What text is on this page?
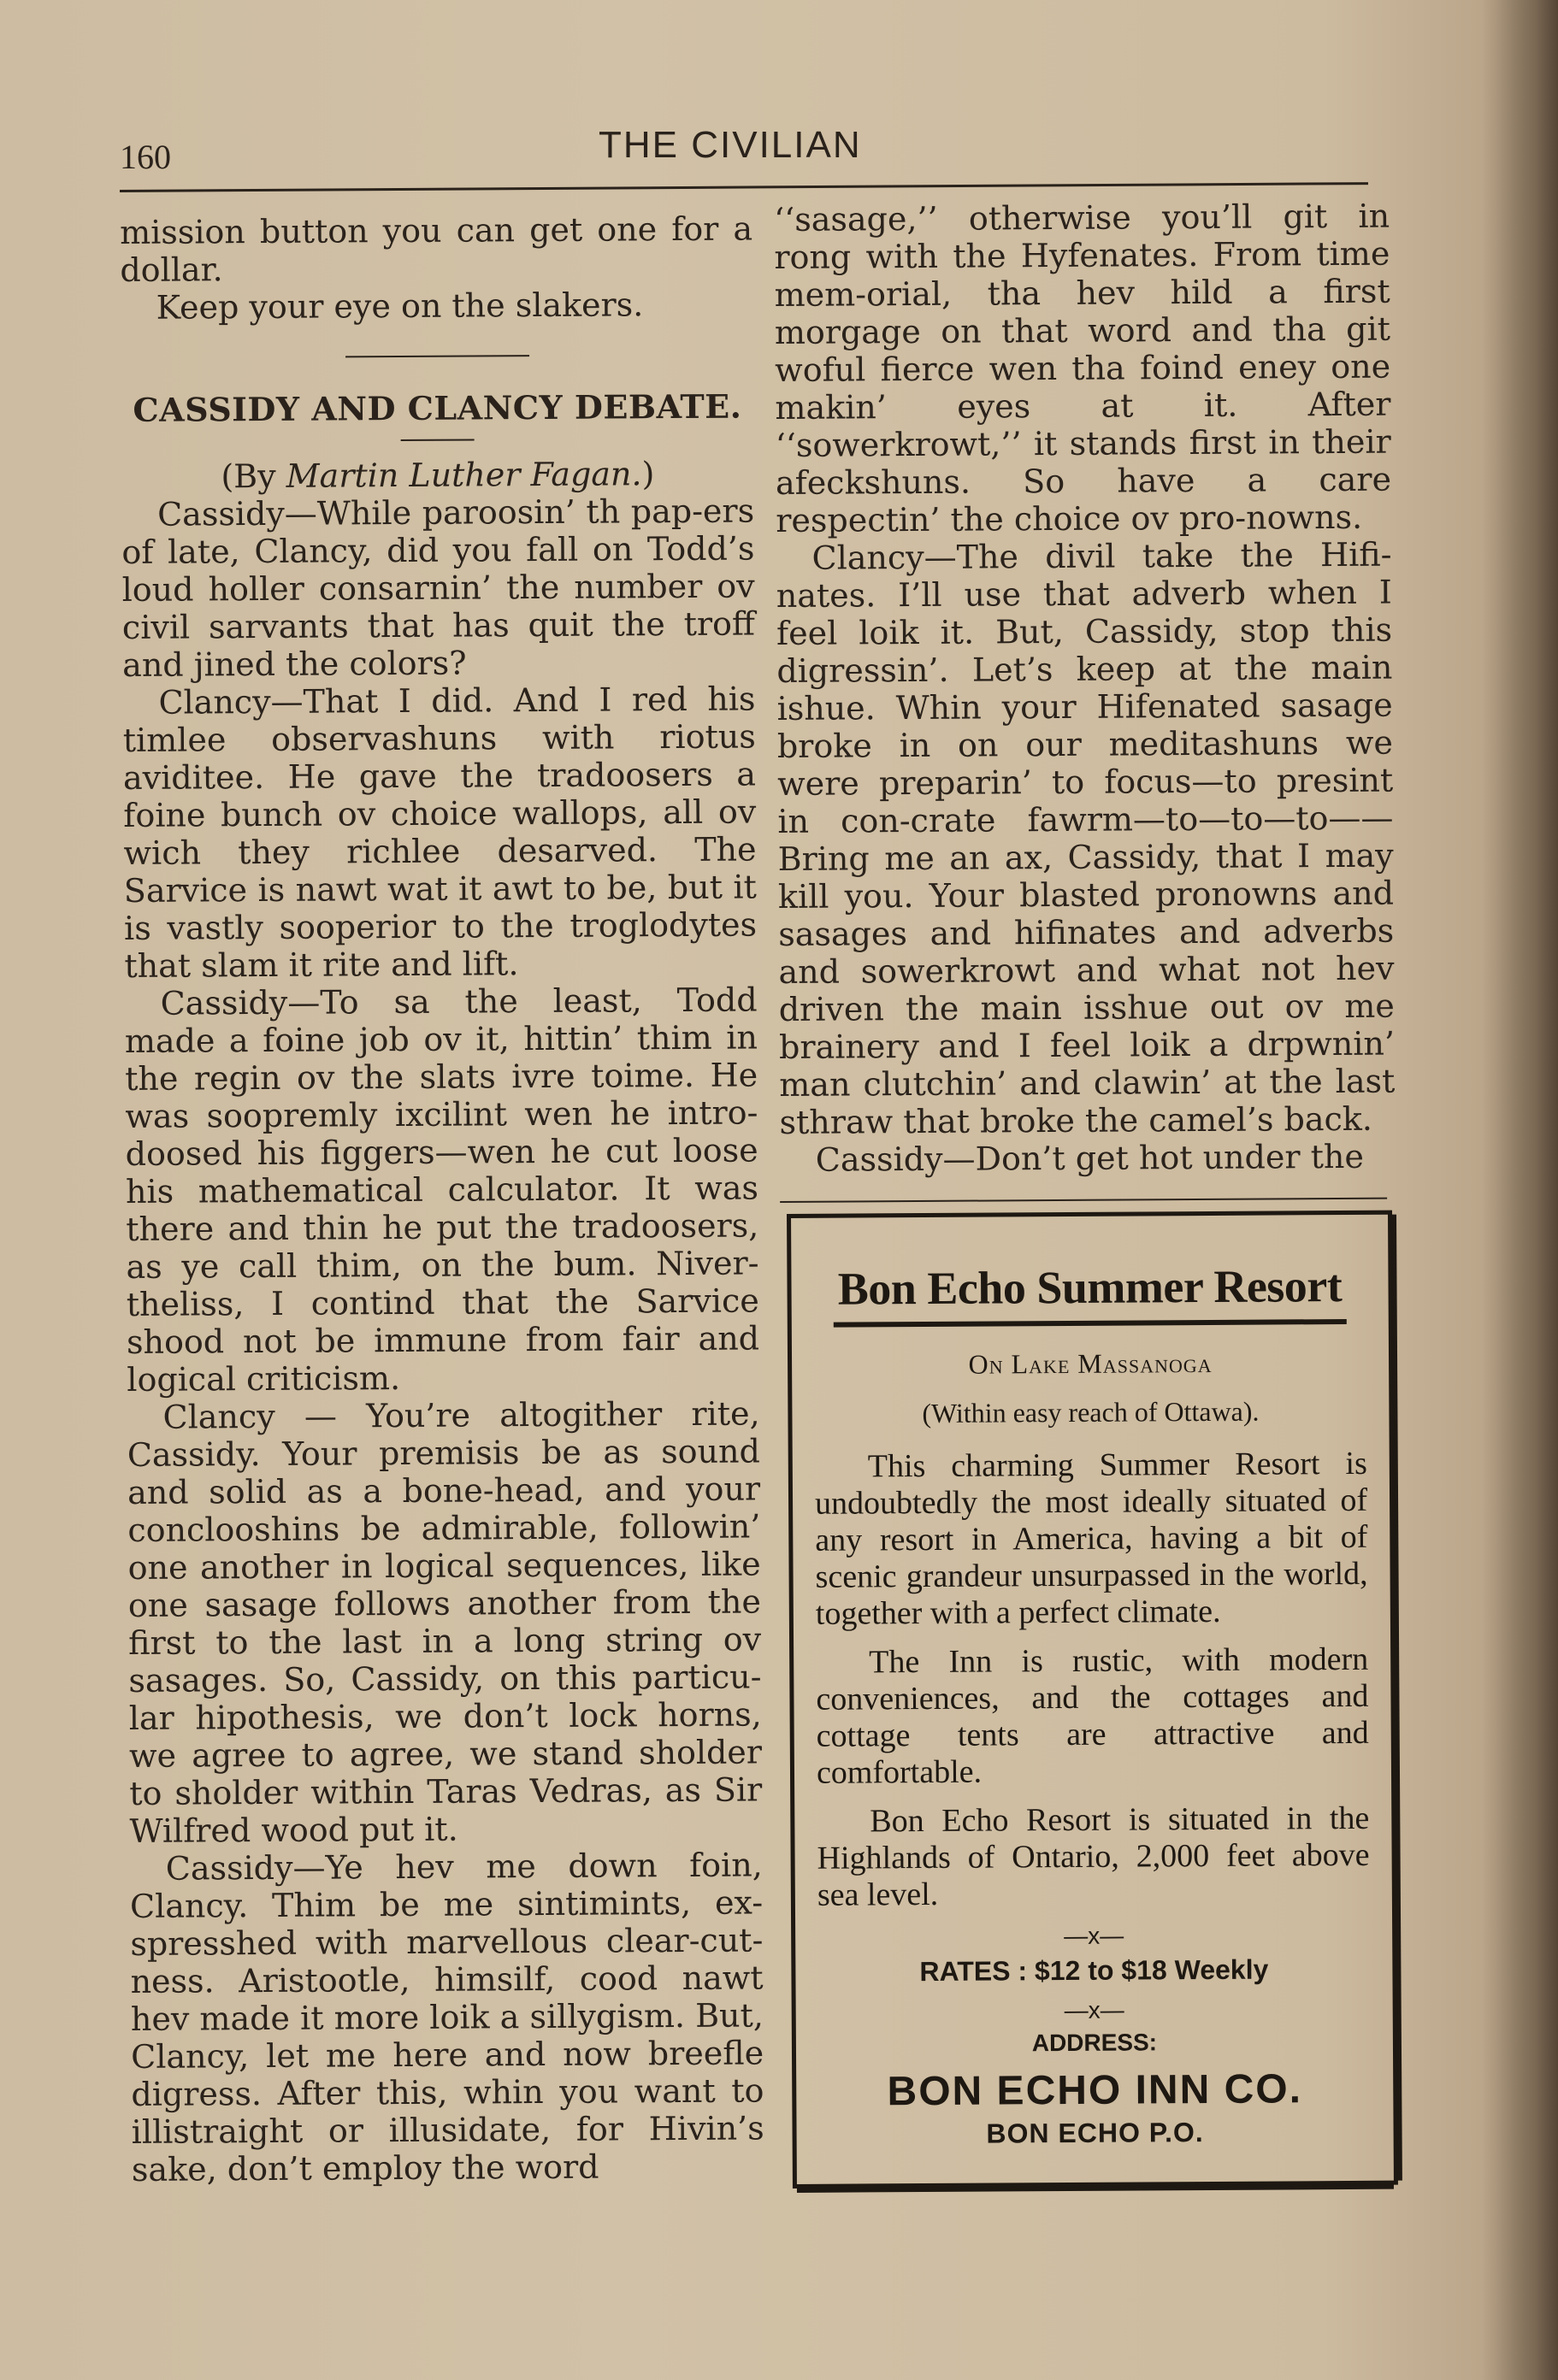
160	THE CIVILIAN

mission button you can get one for a dollar.

Keep your eye on the slakers.

CASSIDY AND CLANCY DEBATE.

(By Martin Luther Fagan.)

Cassidy—While paroosin’ th pap-ers of late, Clancy, did you fall on Todd’s loud holler consarnin’ the number ov civil sarvants that has quit the troff and jined the colors?

Clancy—That I did. And I red his timlee observashuns with riotus aviditee. He gave the tradoosers a foine bunch ov choice wallops, all ov wich they richlee desarved. The Sarvice is nawt wat it awt to be, but it is vastly sooperior to the troglodytes that slam it rite and lift.

Cassidy—To sa the least, Todd made a foine job ov it, hittin’ thim in the regin ov the slats ivre toime. He was soopremly ixcilint wen he intro-doosed his figgers—wen he cut loose his mathematical calculator. It was there and thin he put the tradoosers, as ye call thim, on the bum. Niver-theliss, I contind that the Sarvice shood not be immune from fair and logical criticism.

Clancy — You’re altogither rite, Cassidy. Your premisis be as sound and solid as a bone-head, and your conclooshins be admirable, followin’ one another in logical sequences, like one sasage follows another from the first to the last in a long string ov sasages. So, Cassidy, on this particu-lar hipothesis, we don’t lock horns, we agree to agree, we stand sholder to sholder within Taras Vedras, as Sir Wilfred wood put it.

Cassidy—Ye hev me down foin, Clancy. Thim be me sintimints, ex-spresshed with marvellous clear-cut-ness. Aristootle, himsilf, cood nawt hev made it more loik a sillygism. But, Clancy, let me here and now breefle digress. After this, whin you want to illistraight or illusidate, for Hivin’s sake, don’t employ the word

‘‘sasage,’’ otherwise you’ll git in rong with the Hyfenates. From time mem-orial, tha hev hild a first morgage on that word and tha git woful fierce wen tha foind eney one makin’ eyes at it. After ‘‘sowerkrowt,’’ it stands first in their afeckshuns. So have a care respectin’ the choice ov pro-nowns.

Clancy—The divil take the Hifi-nates. I’ll use that adverb when I feel loik it. But, Cassidy, stop this digressin’. Let’s keep at the main ishue. Whin your Hifenated sasage broke in on our meditashuns we were preparin’ to focus—to presint in con-crate fawrm—to—to—to—— Bring me an ax, Cassidy, that I may kill you. Your blasted pronowns and sasages and hifinates and adverbs and sowerkrowt and what not hev driven the main isshue out ov me brainery and I feel loik a drpwnin’ man clutchin’ and clawin’ at the last sthraw that broke the camel’s back.

Cassidy—Don’t get hot under the

Bon Echo Summer Resort
On Lake Massanoga
(Within easy reach of Ottawa).

This charming Summer Resort is undoubtedly the most ideally situated of any resort in America, having a bit of scenic grandeur unsurpassed in the world, together with a perfect climate.

The Inn is rustic, with modern conveniences, and the cottages and cottage tents are attractive and comfortable.

Bon Echo Resort is situated in the Highlands of Ontario, 2,000 feet above sea level.

—x—
RATES : $12 to $18 Weekly
—x—
ADDRESS:
BON ECHO INN CO.
BON ECHO P.O.
